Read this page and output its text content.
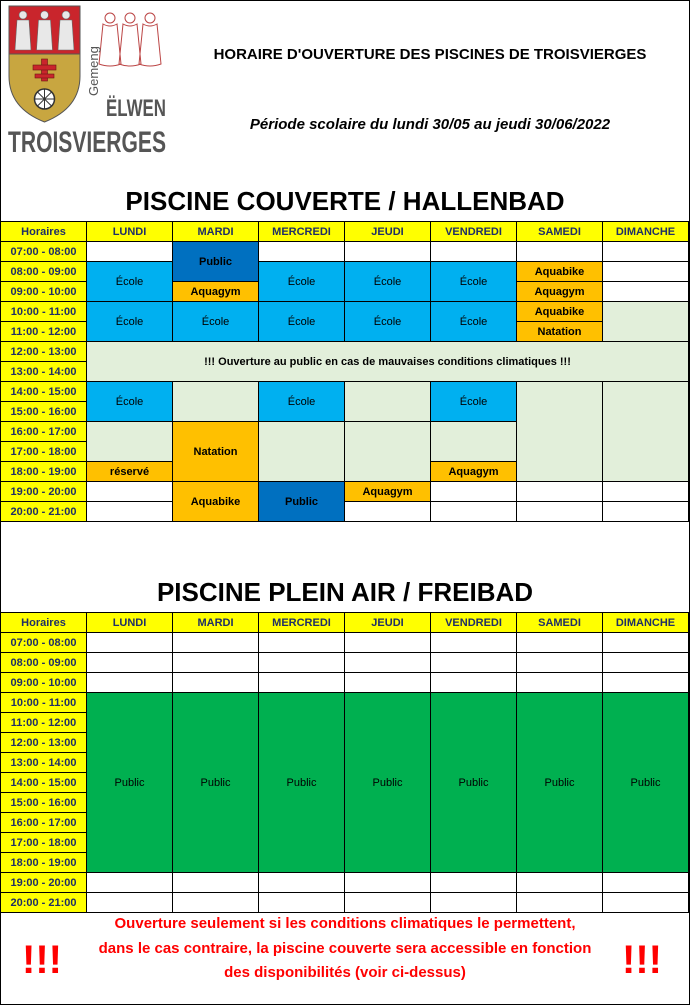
Gemeng
ËLWEN
TROISVIERGES
HORAIRE D'OUVERTURE DES PISCINES DE TROISVIERGES
Période scolaire du lundi 30/05 au jeudi 30/06/2022
PISCINE COUVERTE / HALLENBAD
Horaires	LUNDI	MARDI	MERCREDI	JEUDI	VENDREDI	SAMEDI	DIMANCHE
07:00 - 08:00		Public					
08:00 - 09:00	École		École	École	École	Aquabike	
09:00 - 10:00		Aquagym				Aquagym	
10:00 - 11:00	École	École	École	École	École	Aquabike	
11:00 - 12:00						Natation	
12:00 - 13:00	!!! Ouverture au public en cas de mauvaises conditions climatiques !!!						
13:00 - 14:00							
14:00 - 15:00	École		École		École		
15:00 - 16:00							
16:00 - 17:00		Natation					
17:00 - 18:00							
18:00 - 19:00	réservé				Aquagym		
19:00 - 20:00		Aquabike	Public	Aquagym			
20:00 - 21:00							
PISCINE PLEIN AIR / FREIBAD
Horaires	LUNDI	MARDI	MERCREDI	JEUDI	VENDREDI	SAMEDI	DIMANCHE
07:00 - 08:00							
08:00 - 09:00							
09:00 - 10:00							
10:00 - 11:00	Public	Public	Public	Public	Public	Public	Public
11:00 - 12:00							
12:00 - 13:00							
13:00 - 14:00							
14:00 - 15:00							
15:00 - 16:00							
16:00 - 17:00							
17:00 - 18:00							
18:00 - 19:00							
19:00 - 20:00							
20:00 - 21:00							
!!!	!!!
Ouverture seulement si les conditions climatiques le permettent,
dans le cas contraire, la piscine couverte sera accessible en fonction des disponibilités (voir ci-dessus)
